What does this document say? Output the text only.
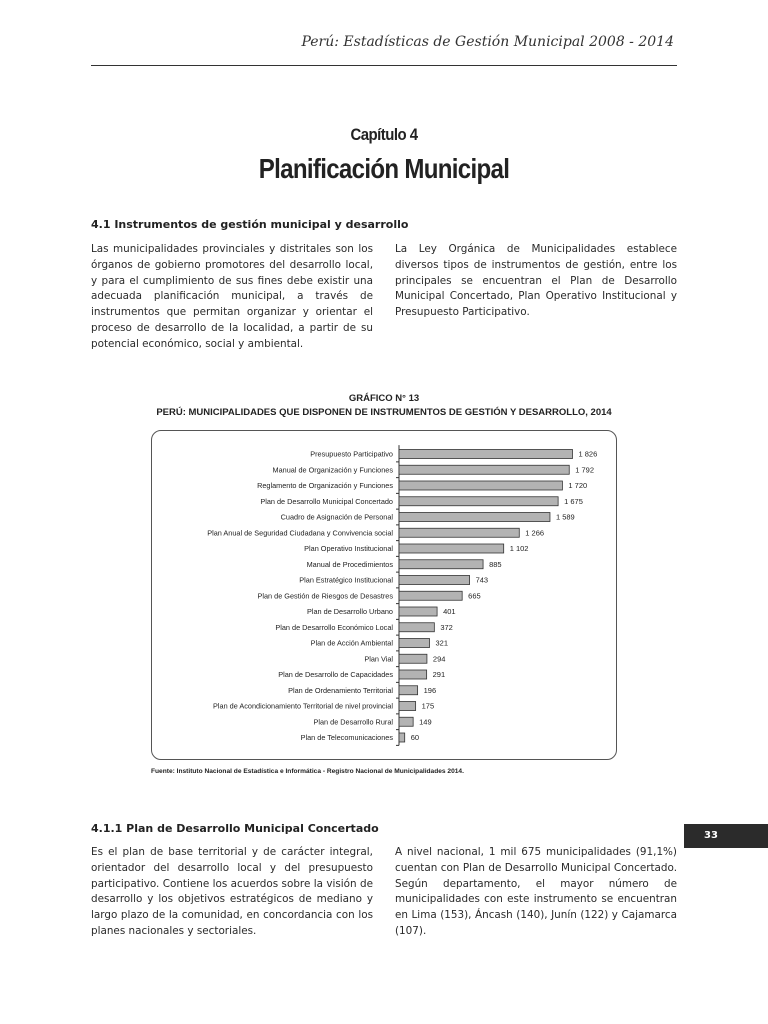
Perú: Estadísticas de Gestión Municipal 2008 - 2014
Capítulo 4
Planificación Municipal
4.1 Instrumentos de gestión municipal y desarrollo
Las municipalidades provinciales y distritales son los órganos de gobierno promotores del desarrollo local, y para el cumplimiento de sus fines debe existir una adecuada planificación municipal, a través de instrumentos que permitan organizar y orientar el proceso de desarrollo de la localidad, a partir de su potencial económico, social y ambiental.
La Ley Orgánica de Municipalidades establece diversos tipos de instrumentos de gestión, entre los principales se encuentran el Plan de Desarrollo Municipal Concertado, Plan Operativo Institucional y Presupuesto Participativo.
GRÁFICO N° 13
PERÚ: MUNICIPALIDADES QUE DISPONEN DE INSTRUMENTOS DE GESTIÓN Y DESARROLLO, 2014
Presupuesto Participativo	1 826
Manual de Organización y Funciones	1 792
Reglamento de Organización y Funciones	1 720
Plan de Desarrollo Municipal Concertado	1 675
Cuadro de Asignación de Personal	1 589
Plan Anual de Seguridad Ciudadana y Convivencia social	1 266
Plan Operativo Institucional	1 102
Manual de Procedimientos	885
Plan Estratégico Institucional	743
Plan de Gestión de Riesgos de Desastres	665
Plan de Desarrollo Urbano	401
Plan de Desarrollo Económico Local	372
Plan de Acción Ambiental	321
Plan Vial	294
Plan de Desarrollo de Capacidades	291
Plan de Ordenamiento Territorial	196
Plan de Acondicionamiento Territorial de nivel provincial	175
Plan de Desarrollo Rural	149
Plan de Telecomunicaciones 60
Fuente: Instituto Nacional de Estadística e Informática - Registro Nacional de Municipalidades 2014.
4.1.1 Plan de Desarrollo Municipal Concertado
Es el plan de base territorial y de carácter integral, orientador del desarrollo local y del presupuesto participativo. Contiene los acuerdos sobre la visión de desarrollo y los objetivos estratégicos de mediano y largo plazo de la comunidad, en concordancia con los planes nacionales y sectoriales.
A nivel nacional, 1 mil 675 municipalidades (91,1%) cuentan con Plan de Desarrollo Municipal Concertado. Según departamento, el mayor número de municipalidades con este instrumento se encuentran en Lima (153), Áncash (140), Junín (122) y Cajamarca (107).
33
